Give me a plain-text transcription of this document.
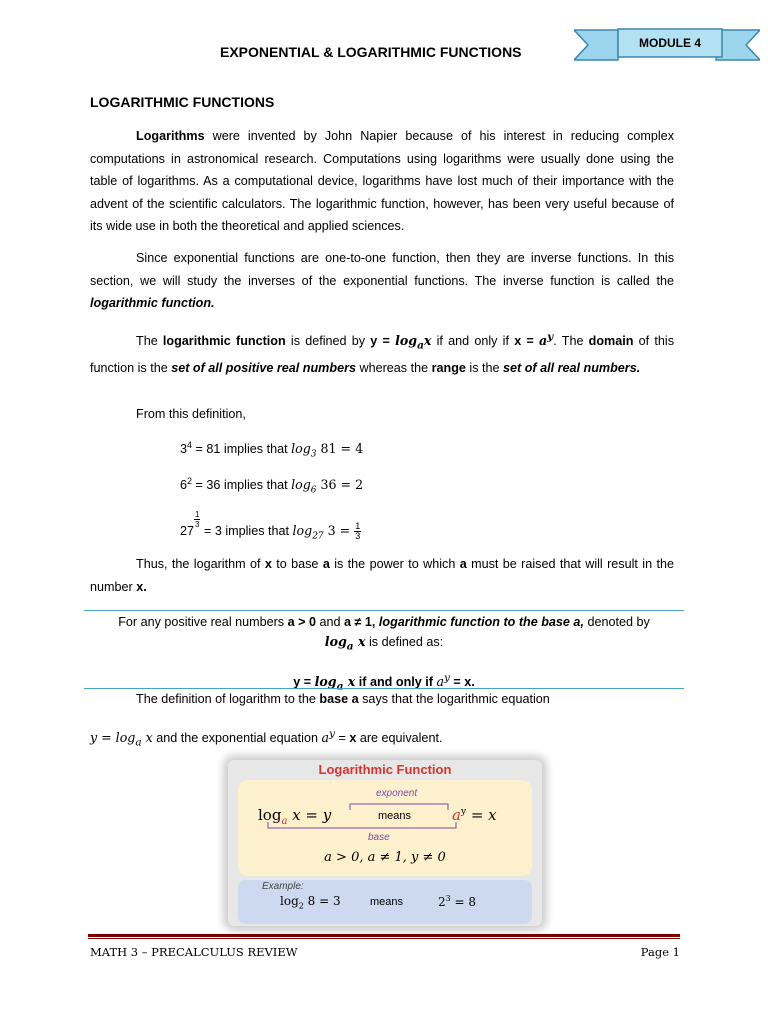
EXPONENTIAL & LOGARITHMIC FUNCTIONS
MODULE 4
LOGARITHMIC FUNCTIONS
Logarithms were invented by John Napier because of his interest in reducing complex computations in astronomical research. Computations using logarithms were usually done using the table of logarithms. As a computational device, logarithms have lost much of their importance with the advent of the scientific calculators. The logarithmic function, however, has been very useful because of its wide use in both the theoretical and applied sciences.
Since exponential functions are one-to-one function, then they are inverse functions. In this section, we will study the inverses of the exponential functions. The inverse function is called the logarithmic function.
The logarithmic function is defined by $y = \log_ax$ if and only if $x = a^y$. The domain of this function is the set of all positive real numbers whereas the range is the set of all real numbers.
From this definition,
$3^4 = 81$ implies that $\log_3 81 = 4$
$6^2 = 36$ implies that $\log_6 36 = 2$
27
$\frac{1}{3} = 3$ implies that $\log_{27} 3 = \frac{1}{3}$
Thus, the logarithm of x to base a is the power to which a must be raised that will result in the number x.
For any positive real numbers a > 0 and a ≠ 1, logarithmic function to the base a, denoted by
$\log_a x$ is defined as:
$y = \log_a x$ if and only if $a^y = x$.
The definition of logarithm to the base a says that the logarithmic equation
$y = \log_a x$ and the exponential equation $a^y = x$ are equivalent.
Logarithmic Function
exponent
$\log_a x = y$	means	$a^y = x$
base
a > 0, a ≠ 1, y ≠ 0
Example:
$\log_2 8 = 3$	means	$2^3 = 8$
MATH 3 – PRECALCULUS REVIEW	Page 1
